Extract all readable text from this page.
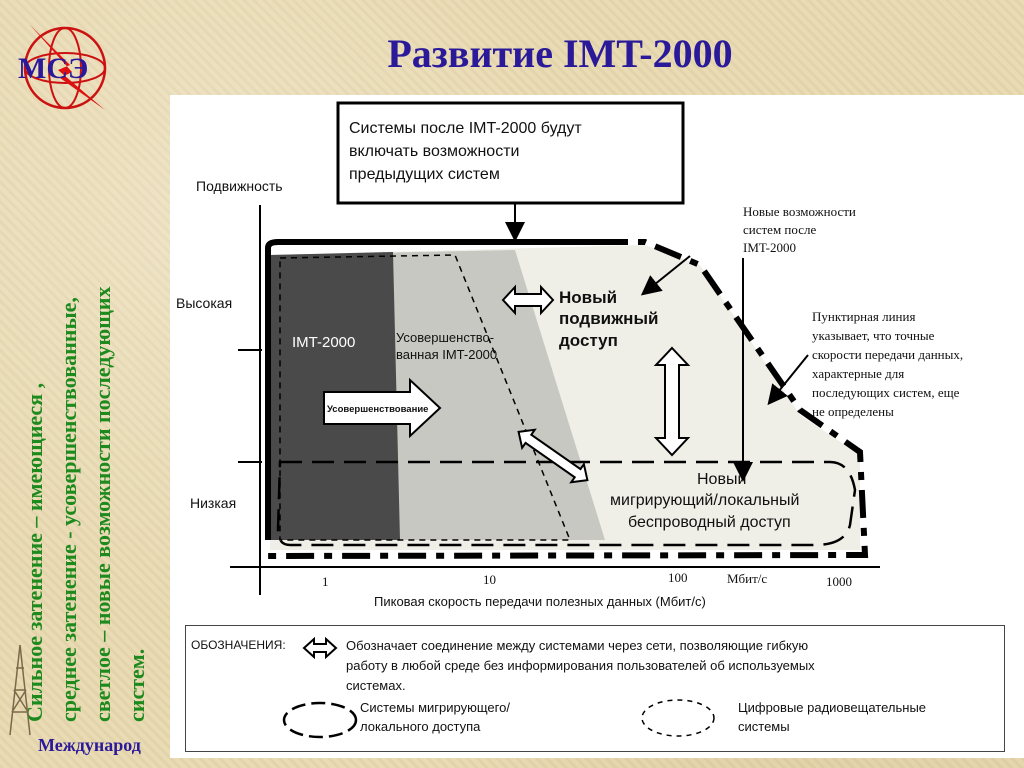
Развитие IMT-2000
МСЭ
Сильное затенение – имеющиеся , среднее затенение - усовершенствованные, светлое – новые возможности последующих систем.
Международ
Подвижность
Высокая
Низкая
1	10	100	Мбит/с	1000
Пиковая скорость передачи полезных данных (Мбит/с)
Системы после IMT-2000 будут
включать возможности
предыдущих систем
IMT-2000	Усовершенство-
ванная IMT-2000
Усовершенствование
Новый
подвижный
доступ
Новый
мигрирующий/локальный
беспроводный доступ
Новые возможности
систем после
IMT-2000
Пунктирная линия
указывает, что точные
скорости передачи данных,
характерные для
последующих систем, еще
не определены
ОБОЗНАЧЕНИЯ:	Обозначает соединение между системами через сети, позволяющие гибкую
работу в любой среде без информирования пользователей об используемых
системах.
Системы мигрирующего/
локального доступа
Цифровые радиовещательные
системы
